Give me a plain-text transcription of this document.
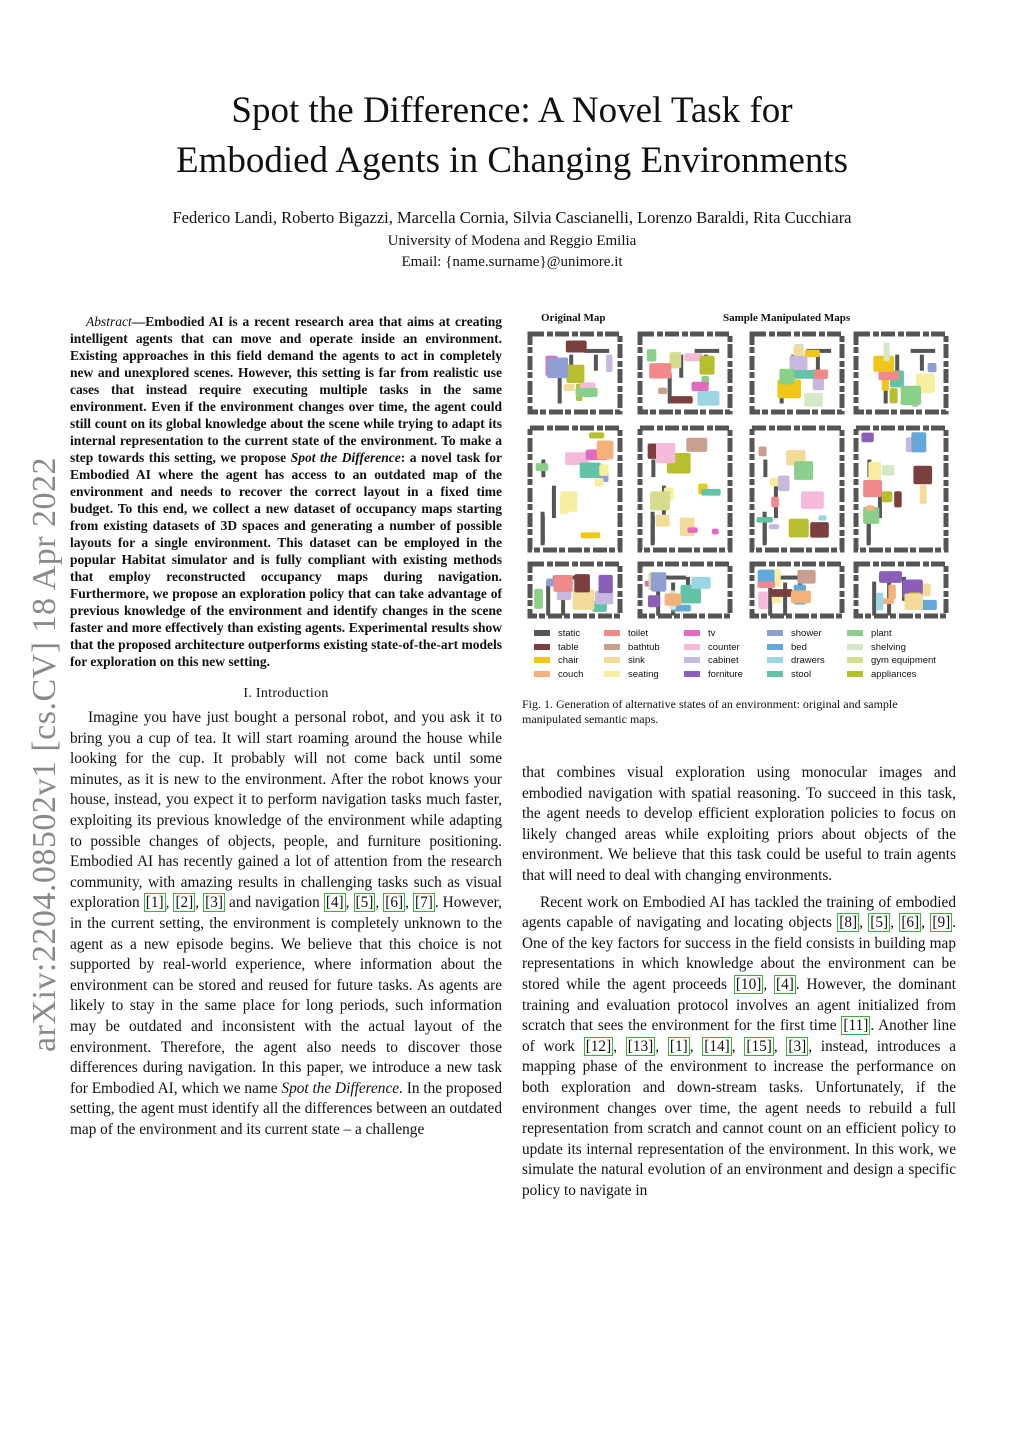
Spot the Difference: A Novel Task for
Embodied Agents in Changing Environments
Federico Landi, Roberto Bigazzi, Marcella Cornia, Silvia Cascianelli, Lorenzo Baraldi, Rita Cucchiara
University of Modena and Reggio Emilia
Email: {name.surname}@unimore.it
arXiv:2204.08502v1 [cs.CV] 18 Apr 2022

Abstract—Embodied AI is a recent research area that aims at creating intelligent agents that can move and operate inside an environment. Existing approaches in this field demand the agents to act in completely new and unexplored scenes. However, this setting is far from realistic use cases that instead require executing multiple tasks in the same environment. Even if the environment changes over time, the agent could still count on its global knowledge about the scene while trying to adapt its internal representation to the current state of the environment. To make a step towards this setting, we propose Spot the Difference: a novel task for Embodied AI where the agent has access to an outdated map of the environment and needs to recover the correct layout in a fixed time budget. To this end, we collect a new dataset of occupancy maps starting from existing datasets of 3D spaces and generating a number of possible layouts for a single environment. This dataset can be employed in the popular Habitat simulator and is fully compliant with existing methods that employ reconstructed occupancy maps during navigation. Furthermore, we propose an exploration policy that can take advantage of previous knowledge of the environment and identify changes in the scene faster and more effectively than existing agents. Experimental results show that the proposed architecture outperforms existing state-of-the-art models for exploration on this new setting.

I. Introduction

Imagine you have just bought a personal robot, and you ask it to bring you a cup of tea. It will start roaming around the house while looking for the cup. It probably will not come back until some minutes, as it is new to the environment. After the robot knows your house, instead, you expect it to perform navigation tasks much faster, exploiting its previous knowledge of the environment while adapting to possible changes of objects, people, and furniture positioning. Embodied AI has recently gained a lot of attention from the research community, with amazing results in challenging tasks such as visual exploration [1] , [2] , [3] and navigation [4] , [5] , [6] , [7] . However, in the current setting, the environment is completely unknown to the agent as a new episode begins. We believe that this choice is not supported by real-world experience, where information about the environment can be stored and reused for future tasks. As agents are likely to stay in the same place for long periods, such information may be outdated and inconsistent with the actual layout of the environment. Therefore, the agent also needs to discover those differences during navigation. In this paper, we introduce a new task for Embodied AI, which we name Spot the Difference. In the proposed setting, the agent must identify all the differences between an outdated map of the environment and its current state – a challenge

Original Map	Sample Manipulated Maps
static
table
chair
couch
toilet
bathtub
sink
seating
tv
counter
cabinet
forniture
shower
bed
drawers
stool
plant
shelving
gym equipment
appliances

Fig. 1. Generation of alternative states of an environment: original and sample manipulated semantic maps.

that combines visual exploration using monocular images and embodied navigation with spatial reasoning. To succeed in this task, the agent needs to develop efficient exploration policies to focus on likely changed areas while exploiting priors about objects of the environment. We believe that this task could be useful to train agents that will need to deal with changing environments.

Recent work on Embodied AI has tackled the training of embodied agents capable of navigating and locating objects [8] , [5] , [6] , [9] . One of the key factors for success in the field consists in building map representations in which knowledge about the environment can be stored while the agent proceeds [10] , [4] . However, the dominant training and evaluation protocol involves an agent initialized from scratch that sees the environment for the first time [11] . Another line of work [12] , [13] , [1] , [14] , [15] , [3] , instead, introduces a mapping phase of the environment to increase the performance on both exploration and down-stream tasks. Unfortunately, if the environment changes over time, the agent needs to rebuild a full representation from scratch and cannot count on an efficient policy to update its internal representation of the environment. In this work, we simulate the natural evolution of an environment and design a specific policy to navigate in
